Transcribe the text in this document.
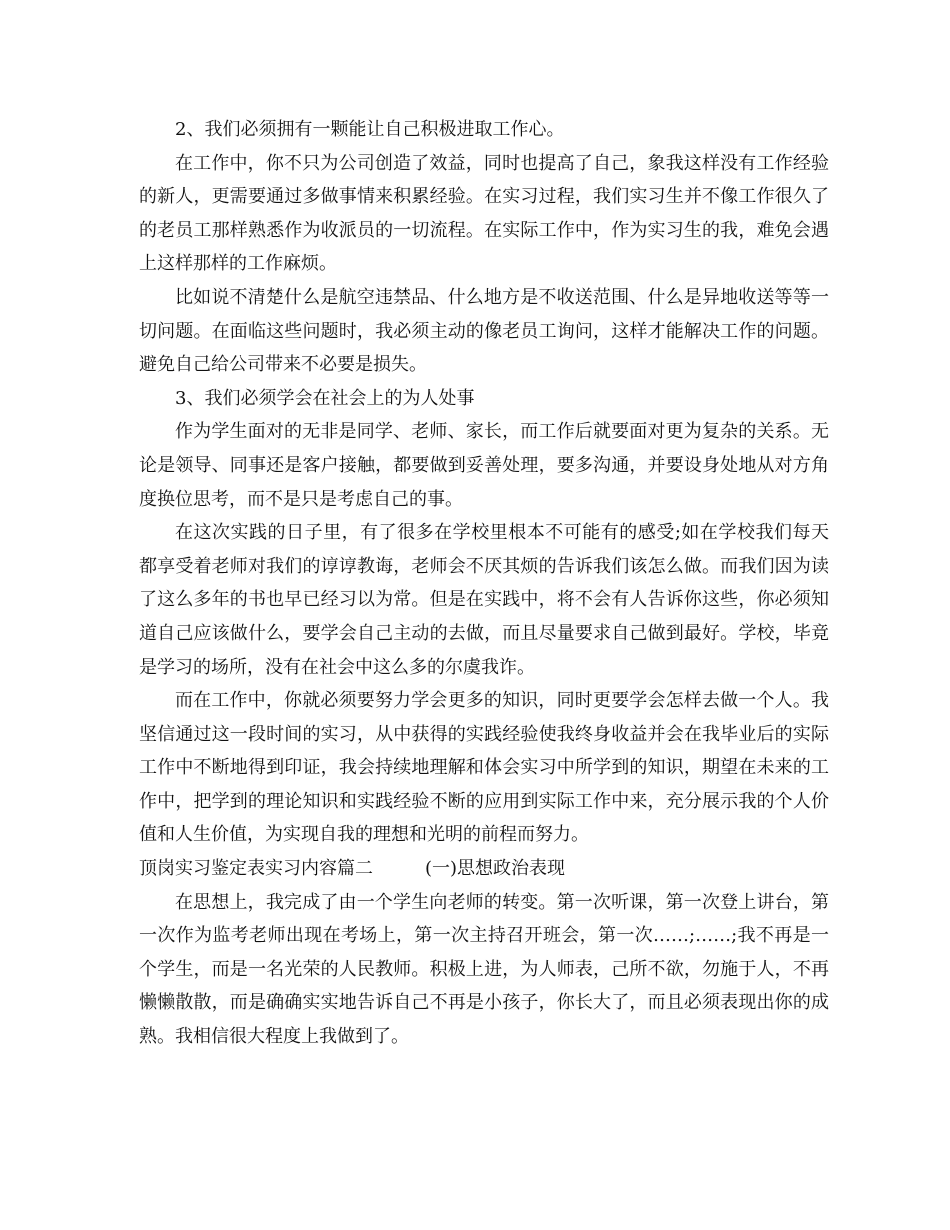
2、我们必须拥有一颗能让自己积极进取工作心。

在工作中，你不只为公司创造了效益，同时也提高了自己，象我这样没有工作经验的新人，更需要通过多做事情来积累经验。在实习过程，我们实习生并不像工作很久了的老员工那样熟悉作为收派员的一切流程。在实际工作中，作为实习生的我，难免会遇上这样那样的工作麻烦。

比如说不清楚什么是航空违禁品、什么地方是不收送范围、什么是异地收送等等一切问题。在面临这些问题时，我必须主动的像老员工询问，这样才能解决工作的问题。避免自己给公司带来不必要是损失。

3、我们必须学会在社会上的为人处事

作为学生面对的无非是同学、老师、家长，而工作后就要面对更为复杂的关系。无论是领导、同事还是客户接触，都要做到妥善处理，要多沟通，并要设身处地从对方角度换位思考，而不是只是考虑自己的事。

在这次实践的日子里，有了很多在学校里根本不可能有的感受;如在学校我们每天都享受着老师对我们的谆谆教诲，老师会不厌其烦的告诉我们该怎么做。而我们因为读了这么多年的书也早已经习以为常。但是在实践中，将不会有人告诉你这些，你必须知道自己应该做什么，要学会自己主动的去做，而且尽量要求自己做到最好。学校，毕竟是学习的场所，没有在社会中这么多的尔虞我诈。

而在工作中，你就必须要努力学会更多的知识，同时更要学会怎样去做一个人。我坚信通过这一段时间的实习，从中获得的实践经验使我终身收益并会在我毕业后的实际工作中不断地得到印证，我会持续地理解和体会实习中所学到的知识，期望在未来的工作中，把学到的理论知识和实践经验不断的应用到实际工作中来，充分展示我的个人价值和人生价值，为实现自我的理想和光明的前程而努力。

顶岗实习鉴定表实习内容篇二	(一)思想政治表现

在思想上，我完成了由一个学生向老师的转变。第一次听课，第一次登上讲台，第一次作为监考老师出现在考场上，第一次主持召开班会，第一次……;……;我不再是一个学生，而是一名光荣的人民教师。积极上进，为人师表，己所不欲，勿施于人，不再懒懒散散，而是确确实实地告诉自己不再是小孩子，你长大了，而且必须表现出你的成熟。我相信很大程度上我做到了。
